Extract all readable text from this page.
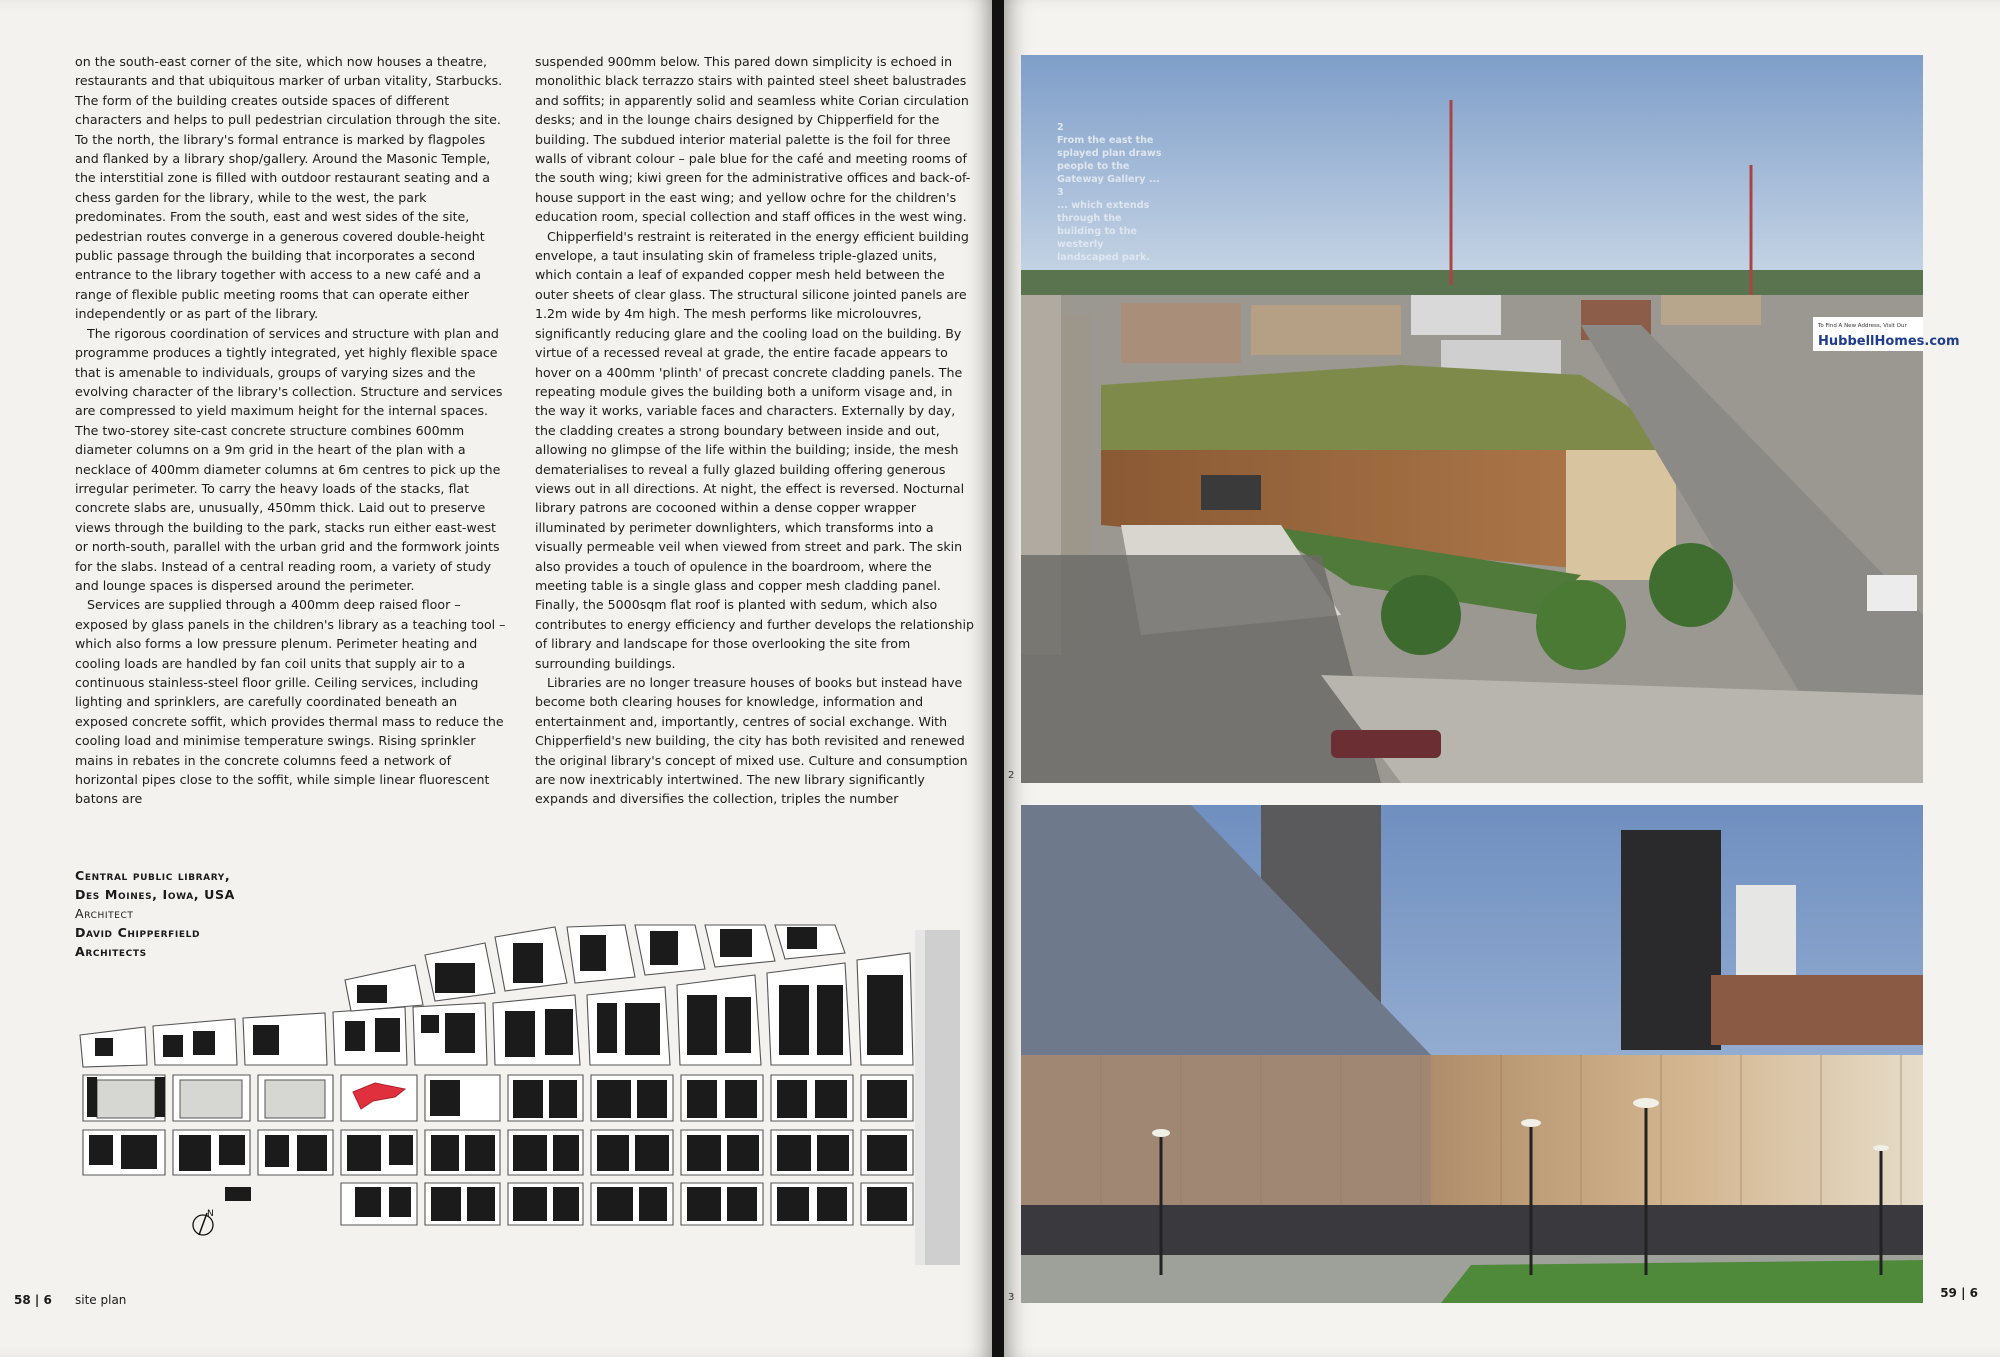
on the south-east corner of the site, which now houses a theatre, restaurants and that ubiquitous marker of urban vitality, Starbucks. The form of the building creates outside spaces of different characters and helps to pull pedestrian circulation through the site. To the north, the library's formal entrance is marked by flagpoles and flanked by a library shop/gallery. Around the Masonic Temple, the interstitial zone is filled with outdoor restaurant seating and a chess garden for the library, while to the west, the park predominates. From the south, east and west sides of the site, pedestrian routes converge in a generous covered double-height public passage through the building that incorporates a second entrance to the library together with access to a new café and a range of flexible public meeting rooms that can operate either independently or as part of the library.

The rigorous coordination of services and structure with plan and programme produces a tightly integrated, yet highly flexible space that is amenable to individuals, groups of varying sizes and the evolving character of the library's collection. Structure and services are compressed to yield maximum height for the internal spaces. The two-storey site-cast concrete structure combines 600mm diameter columns on a 9m grid in the heart of the plan with a necklace of 400mm diameter columns at 6m centres to pick up the irregular perimeter. To carry the heavy loads of the stacks, flat concrete slabs are, unusually, 450mm thick. Laid out to preserve views through the building to the park, stacks run either east-west or north-south, parallel with the urban grid and the formwork joints for the slabs. Instead of a central reading room, a variety of study and lounge spaces is dispersed around the perimeter.

Services are supplied through a 400mm deep raised floor – exposed by glass panels in the children's library as a teaching tool – which also forms a low pressure plenum. Perimeter heating and cooling loads are handled by fan coil units that supply air to a continuous stainless-steel floor grille. Ceiling services, including lighting and sprinklers, are carefully coordinated beneath an exposed concrete soffit, which provides thermal mass to reduce the cooling load and minimise temperature swings. Rising sprinkler mains in rebates in the concrete columns feed a network of horizontal pipes close to the soffit, while simple linear fluorescent batons are

suspended 900mm below. This pared down simplicity is echoed in monolithic black terrazzo stairs with painted steel sheet balustrades and soffits; in apparently solid and seamless white Corian circulation desks; and in the lounge chairs designed by Chipperfield for the building. The subdued interior material palette is the foil for three walls of vibrant colour – pale blue for the café and meeting rooms of the south wing; kiwi green for the administrative offices and back-of-house support in the east wing; and yellow ochre for the children's education room, special collection and staff offices in the west wing.

Chipperfield's restraint is reiterated in the energy efficient building envelope, a taut insulating skin of frameless triple-glazed units, which contain a leaf of expanded copper mesh held between the outer sheets of clear glass. The structural silicone jointed panels are 1.2m wide by 4m high. The mesh performs like microlouvres, significantly reducing glare and the cooling load on the building. By virtue of a recessed reveal at grade, the entire facade appears to hover on a 400mm 'plinth' of precast concrete cladding panels. The repeating module gives the building both a uniform visage and, in the way it works, variable faces and characters. Externally by day, the cladding creates a strong boundary between inside and out, allowing no glimpse of the life within the building; inside, the mesh dematerialises to reveal a fully glazed building offering generous views out in all directions. At night, the effect is reversed. Nocturnal library patrons are cocooned within a dense copper wrapper illuminated by perimeter downlighters, which transforms into a visually permeable veil when viewed from street and park. The skin also provides a touch of opulence in the boardroom, where the meeting table is a single glass and copper mesh cladding panel. Finally, the 5000sqm flat roof is planted with sedum, which also contributes to energy efficiency and further develops the relationship of library and landscape for those overlooking the site from surrounding buildings.

Libraries are no longer treasure houses of books but instead have become both clearing houses for knowledge, information and entertainment and, importantly, centres of social exchange. With Chipperfield's new building, the city has both revisited and renewed the original library's concept of mixed use. Culture and consumption are now inextricably intertwined. The new library significantly expands and diversifies the collection, triples the number

Central public library,
Des Moines, Iowa, USA
Architect
David Chipperfield
Architects
N
58 | 6 site plan
To Find A New Address, Visit Our
HubbellHomes.com
2
From the east the splayed plan draws people to the Gateway Gallery ...
3
... which extends through the building to the westerly landscaped park.
2
3	59 | 6
